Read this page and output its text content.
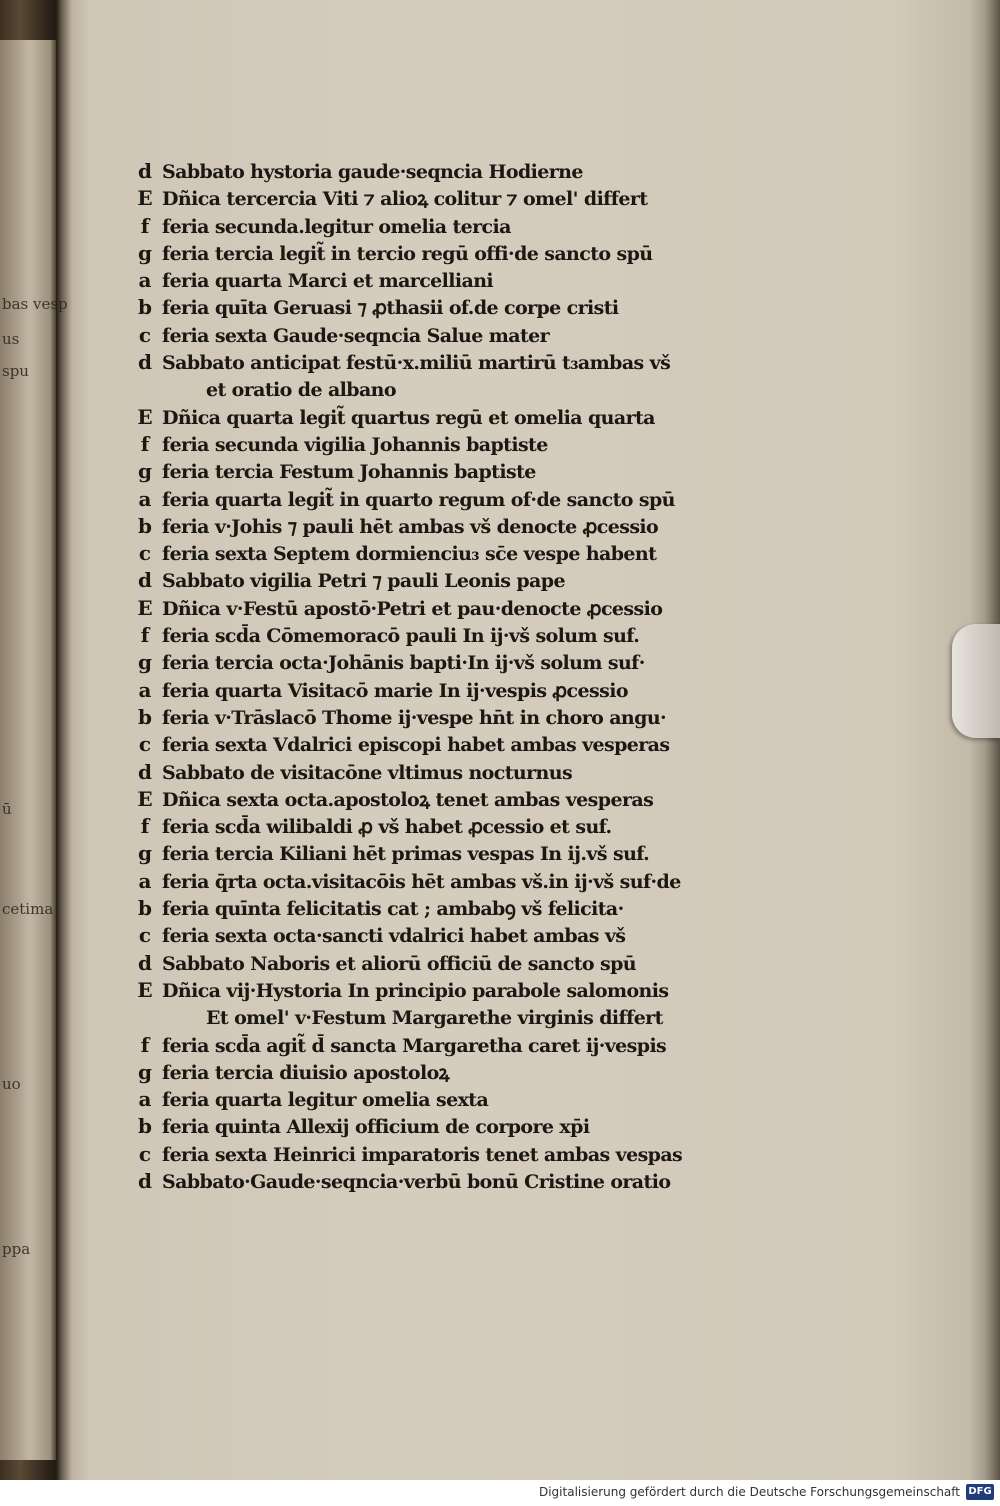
bas vesp
us
spu
ū
cetima
uo
ppa
d Sabbato hystoria gaude·seqncia Hodierne
E Dñica tercercia Viti ⁊ alioꝝ colitur ⁊ omel' differt
f feria secunda.legitur omelia tercia
g feria tercia legit̃ in tercio regū offi·de sancto spū
a feria quarta Marci et marcelliani
b feria quīta Geruasi ⁊ ꝓthasii of.de corpe cristi
c feria sexta Gaude·seqncia Salue mater
d Sabbato anticipat festū·x.miliū martirū t₃ambas vš
et oratio de albano
E Dñica quarta legit̃ quartus regū et omelia quarta
f feria secunda vigilia Johannis baptiste
g feria tercia Festum Johannis baptiste
a feria quarta legit̃ in quarto regum of·de sancto spū
b feria v·Johis ⁊ pauli hēt ambas vš denocte ꝓcessio
c feria sexta Septem dormienciu₃ sc̄e vespe habent
d Sabbato vigilia Petri ⁊ pauli Leonis pape
E Dñica v·Festū apostō·Petri et pau·denocte ꝓcessio
f feria scd̄a Cōmemoracō pauli In ij·vš solum suf.
g feria tercia octa·Johānis bapti·In ij·vš solum suf·
a feria quarta Visitacō marie In ij·vespis ꝓcessio
b feria v·Trāslacō Thome ij·vespe hn̄t in choro angu·
c feria sexta Vdalrici episcopi habet ambas vesperas
d Sabbato de visitacōne vltimus nocturnus
E Dñica sexta octa.apostoloꝝ tenet ambas vesperas
f feria scd̄a wilibaldi ꝓ vš habet ꝓcessio et suf.
g feria tercia Kiliani hēt primas vespas In ij.vš suf.
a feria q̄rta octa.visitacōis hēt ambas vš.in ij·vš suf·de
b feria quīnta felicitatis cat ; ambabꝯ vš felicita·
c feria sexta octa·sancti vdalrici habet ambas vš
d Sabbato Naboris et aliorū officiū de sancto spū
E Dñica vij·Hystoria In principio parabole salomonis
Et omel' v·Festum Margarethe virginis differt
f feria scd̄a agit̃ d̄ sancta Margaretha caret ij·vespis
g feria tercia diuisio apostoloꝝ
a feria quarta legitur omelia sexta
b feria quinta Allexij officium de corpore xp̄i
c feria sexta Heinrici imparatoris tenet ambas vespas
d Sabbato·Gaude·seqncia·verbū bonū Cristine oratio
Digitalisierung gefördert durch die Deutsche Forschungsgemeinschaft DFG
